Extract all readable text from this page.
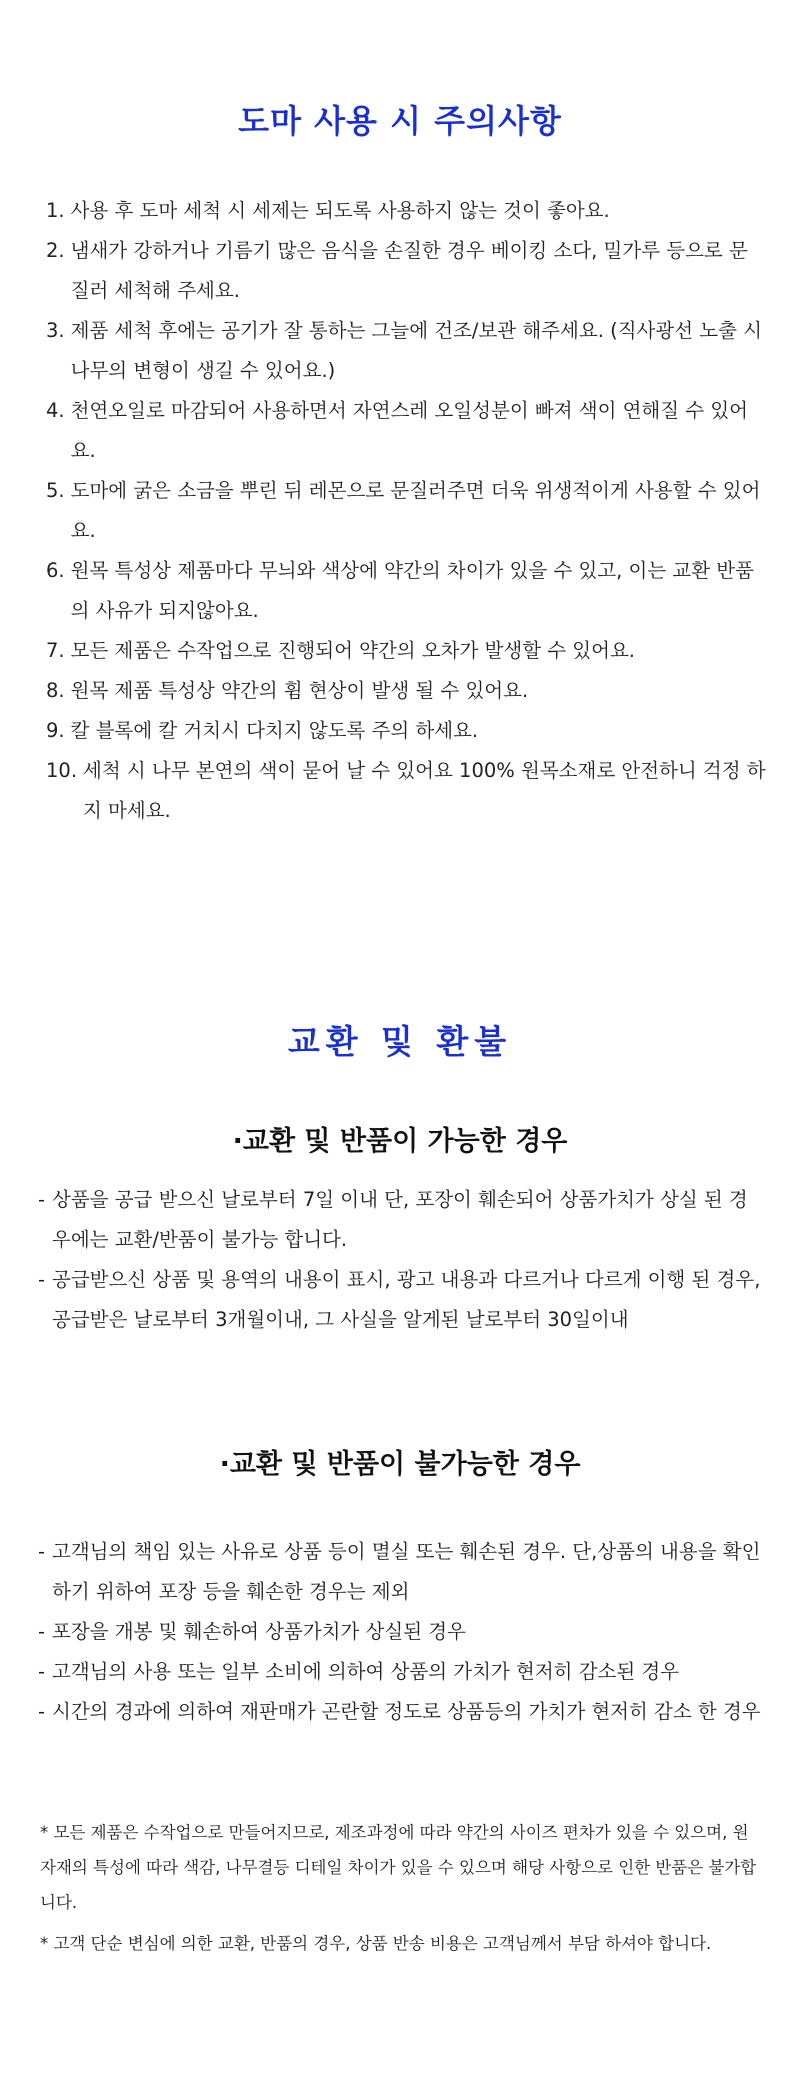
도마 사용 시 주의사항
1. 사용 후 도마 세척 시 세제는 되도록 사용하지 않는 것이 좋아요.
2. 냄새가 강하거나 기름기 많은 음식을 손질한 경우 베이킹 소다, 밀가루 등으로 문질러 세척해 주세요.
3. 제품 세척 후에는 공기가 잘 통하는 그늘에 건조/보관 해주세요. (직사광선 노출 시 나무의 변형이 생길 수 있어요.)
4. 천연오일로 마감되어 사용하면서 자연스레 오일성분이 빠져 색이 연해질 수 있어요.
5. 도마에 굵은 소금을 뿌린 뒤 레몬으로 문질러주면 더욱 위생적이게 사용할 수 있어요.
6. 원목 특성상 제품마다 무늬와 색상에 약간의 차이가 있을 수 있고, 이는 교환 반품의 사유가 되지않아요.
7. 모든 제품은 수작업으로 진행되어 약간의 오차가 발생할 수 있어요.
8. 원목 제품 특성상 약간의 휨 현상이 발생 될 수 있어요.
9. 칼 블록에 칼 거치시 다치지 않도록 주의 하세요.
10. 세척 시 나무 본연의 색이 묻어 날 수 있어요 100% 원목소재로 안전하니 걱정 하지 마세요.
교환 및 환불
·교환 및 반품이 가능한 경우
- 상품을 공급 받으신 날로부터 7일 이내 단, 포장이 훼손되어 상품가치가 상실 된 경우에는 교환/반품이 불가능 합니다.
- 공급받으신 상품 및 용역의 내용이 표시, 광고 내용과 다르거나 다르게 이행 된 경우, 공급받은 날로부터 3개월이내, 그 사실을 알게된 날로부터 30일이내
·교환 및 반품이 불가능한 경우
- 고객님의 책임 있는 사유로 상품 등이 멸실 또는 훼손된 경우. 단,상품의 내용을 확인하기 위하여 포장 등을 훼손한 경우는 제외
- 포장을 개봉 및 훼손하여 상품가치가 상실된 경우
- 고객님의 사용 또는 일부 소비에 의하여 상품의 가치가 현저히 감소된 경우
- 시간의 경과에 의하여 재판매가 곤란할 정도로 상품등의 가치가 현저히 감소 한 경우
* 모든 제품은 수작업으로 만들어지므로, 제조과정에 따라 약간의 사이즈 편차가 있을 수 있으며, 원자재의 특성에 따라 색감, 나무결등 디테일 차이가 있을 수 있으며 해당 사항으로 인한 반품은 불가합니다.
* 고객 단순 변심에 의한 교환, 반품의 경우, 상품 반송 비용은 고객님께서 부담 하셔야 합니다.
